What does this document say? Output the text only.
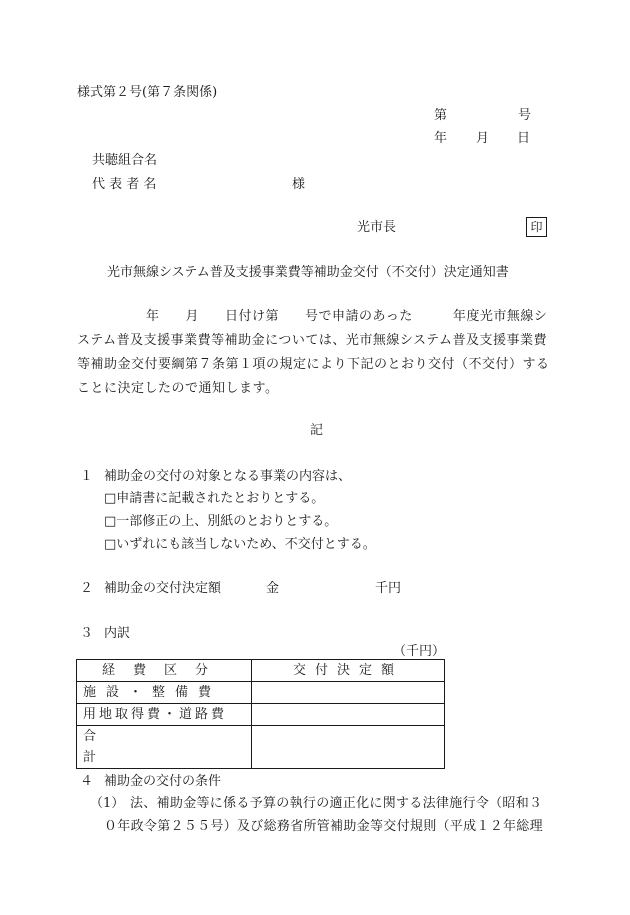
様式第２号(第７条関係)
第	号
年 月 日
共聴組合名
代 表 者 名	様
光市長	印
光市無線システム普及支援事業費等補助金交付（不交付）決定通知書
年 月 日付け第 号で申請のあった	年度光市無線シ
ステム普及支援事業費等補助金については、光市無線システム普及支援事業費
等補助金交付要綱第７条第１項の規定により下記のとおり交付（不交付）する
ことに決定したので通知します。
記
１ 補助金の交付の対象となる事業の内容は、
□申請書に記載されたとおりとする。
□一部修正の上、別紙のとおりとする。
□いずれにも該当しないため、不交付とする。
２ 補助金の交付決定額	金	千円
３ 内訳
（千円）
経費区分	交付決定額
施設・整備費	
用地取得費・道路費	
合計	
４ 補助金の交付の条件
（1） 法、補助金等に係る予算の執行の適正化に関する法律施行令（昭和３
０年政令第２５５号）及び総務省所管補助金等交付規則（平成１２年総理
